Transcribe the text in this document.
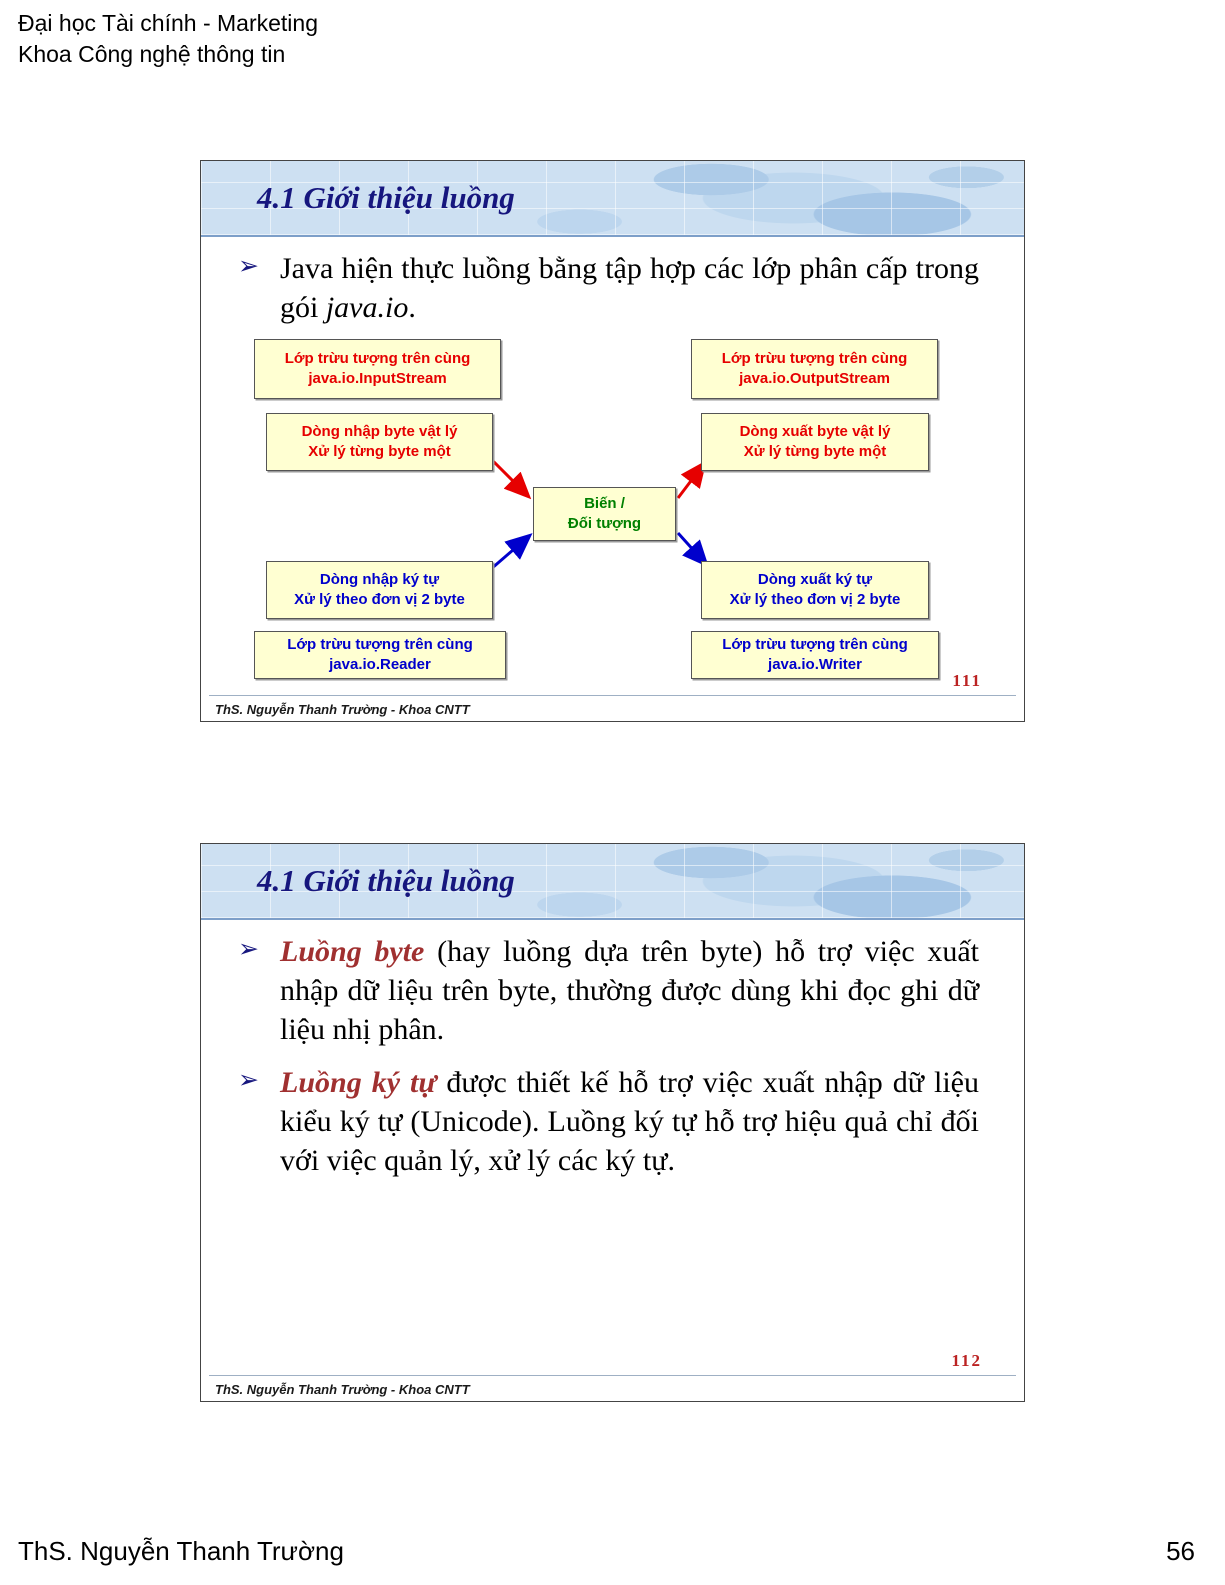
Đại học Tài chính - Marketing
Khoa Công nghệ thông tin
4.1 Giới thiệu luồng
➢ Java hiện thực luồng bằng tập hợp các lớp phân cấp trong gói java.io.
Lớp trừu tượng trên cùng
java.io.InputStream
Lớp trừu tượng trên cùng
java.io.OutputStream
Dòng nhập byte vật lý
Xử lý từng byte một
Dòng xuất byte vật lý
Xử lý từng byte một
Biến /
Đối tượng
Dòng nhập ký tự
Xử lý theo đơn vị 2 byte
Dòng xuất ký tự
Xử lý theo đơn vị 2 byte
Lớp trừu tượng trên cùng
java.io.Reader
Lớp trừu tượng trên cùng
java.io.Writer
111
ThS. Nguyễn Thanh Trường - Khoa CNTT
4.1 Giới thiệu luồng
➢ Luồng byte (hay luồng dựa trên byte) hỗ trợ việc xuất nhập dữ liệu trên byte, thường được dùng khi đọc ghi dữ liệu nhị phân.
➢ Luồng ký tự được thiết kế hỗ trợ việc xuất nhập dữ liệu kiểu ký tự (Unicode). Luồng ký tự hỗ trợ hiệu quả chỉ đối với việc quản lý, xử lý các ký tự.
112
ThS. Nguyễn Thanh Trường - Khoa CNTT
ThS. Nguyễn Thanh Trường	56
